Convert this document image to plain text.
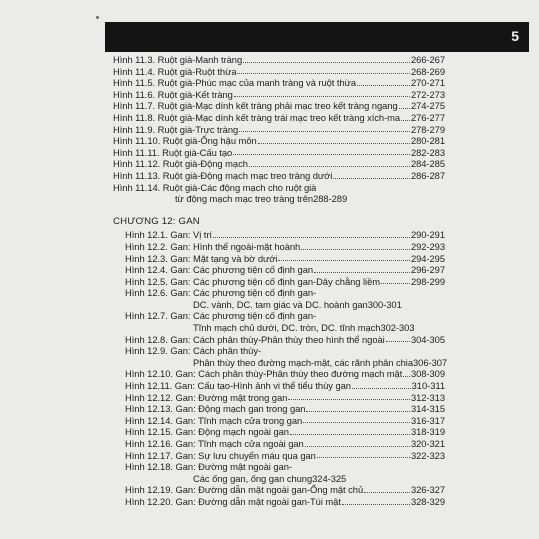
5
Hình 11.3.
Ruột già-Manh tràng	266-267
Hình 11.4.
Ruột già-Ruột thừa	268-269
Hình 11.5.
Ruột già-Phúc mạc của manh tràng và ruột thừa	270-271
Hình 11.6.
Ruột già-Kết tràng	272-273
Hình 11.7.
Ruột già-Mạc dính kết tràng phải mạc treo kết tràng ngang 274-275
Hình 11.8.
Ruột già-Mạc dính kết tràng trái mạc treo kết tràng xích-ma 276-277
Hình 11.9.
Ruột già-Trực tràng	278-279
Hình 11.10.
Ruột già-Ống hậu môn	280-281
Hình 11.11.
Ruột già-Cấu tạo	282-283
Hình 11.12.
Ruột già-Động mạch	284-285
Hình 11.13.
Ruột già-Động mạch mạc treo tràng dưới	286-287
Hình 11.14.
Ruột già-Các động mạch cho ruột già
từ động mạch mạc treo tràng trên 288-289
CHƯƠNG 12: GAN
Hình 12.1.
Gan: Vị trí	290-291
Hình 12.2.
Gan: Hình thể ngoài-mặt hoành	292-293
Hình 12.3.
Gan: Mặt tạng và bờ dưới	294-295
Hình 12.4.
Gan: Các phương tiện cố định gan	296-297
Hình 12.5.
Gan: Các phương tiện cố định gan-Dây chằng liềm	298-299
Hình 12.6.
Gan: Các phương tiện cố định gan-
DC. vành, DC. tam giác và DC. hoành gan 300-301
Hình 12.7.
Gan: Các phương tiện cố định gan-
Tĩnh mạch chủ dưới, DC. tròn, DC. tĩnh mạch 302-303
Hình 12.8.
Gan: Cách phân thùy-Phân thùy theo hình thể ngoài	304-305
Hình 12.9.
Gan: Cách phân thùy-
Phân thùy theo đường mạch-mật, các rãnh phân chia 306-307
Hình 12.10.
Gan: Cách phân thùy-Phân thùy theo đường mạch mật 308-309
Hình 12.11.
Gan: Cấu tạo-Hình ảnh vi thể tiểu thùy gan	310-311
Hình 12.12.
Gan: Đường mật trong gan	312-313
Hình 12.13.
Gan: Động mạch gan trong gan	314-315
Hình 12.14.
Gan: Tĩnh mạch cửa trong gan	316-317
Hình 12.15.
Gan: Động mạch ngoài gan	318-319
Hình 12.16.
Gan: Tĩnh mạch cửa ngoài gan	320-321
Hình 12.17.
Gan: Sự lưu chuyển máu qua gan	322-323
Hình 12.18.
Gan: Đường mật ngoài gan-
Các ống gan, ống gan chung 324-325
Hình 12.19.
Gan: Đường dẫn mật ngoài gan-Ống mật chủ	326-327
Hình 12.20.
Gan: Đường dẫn mật ngoài gan-Túi mật	328-329
